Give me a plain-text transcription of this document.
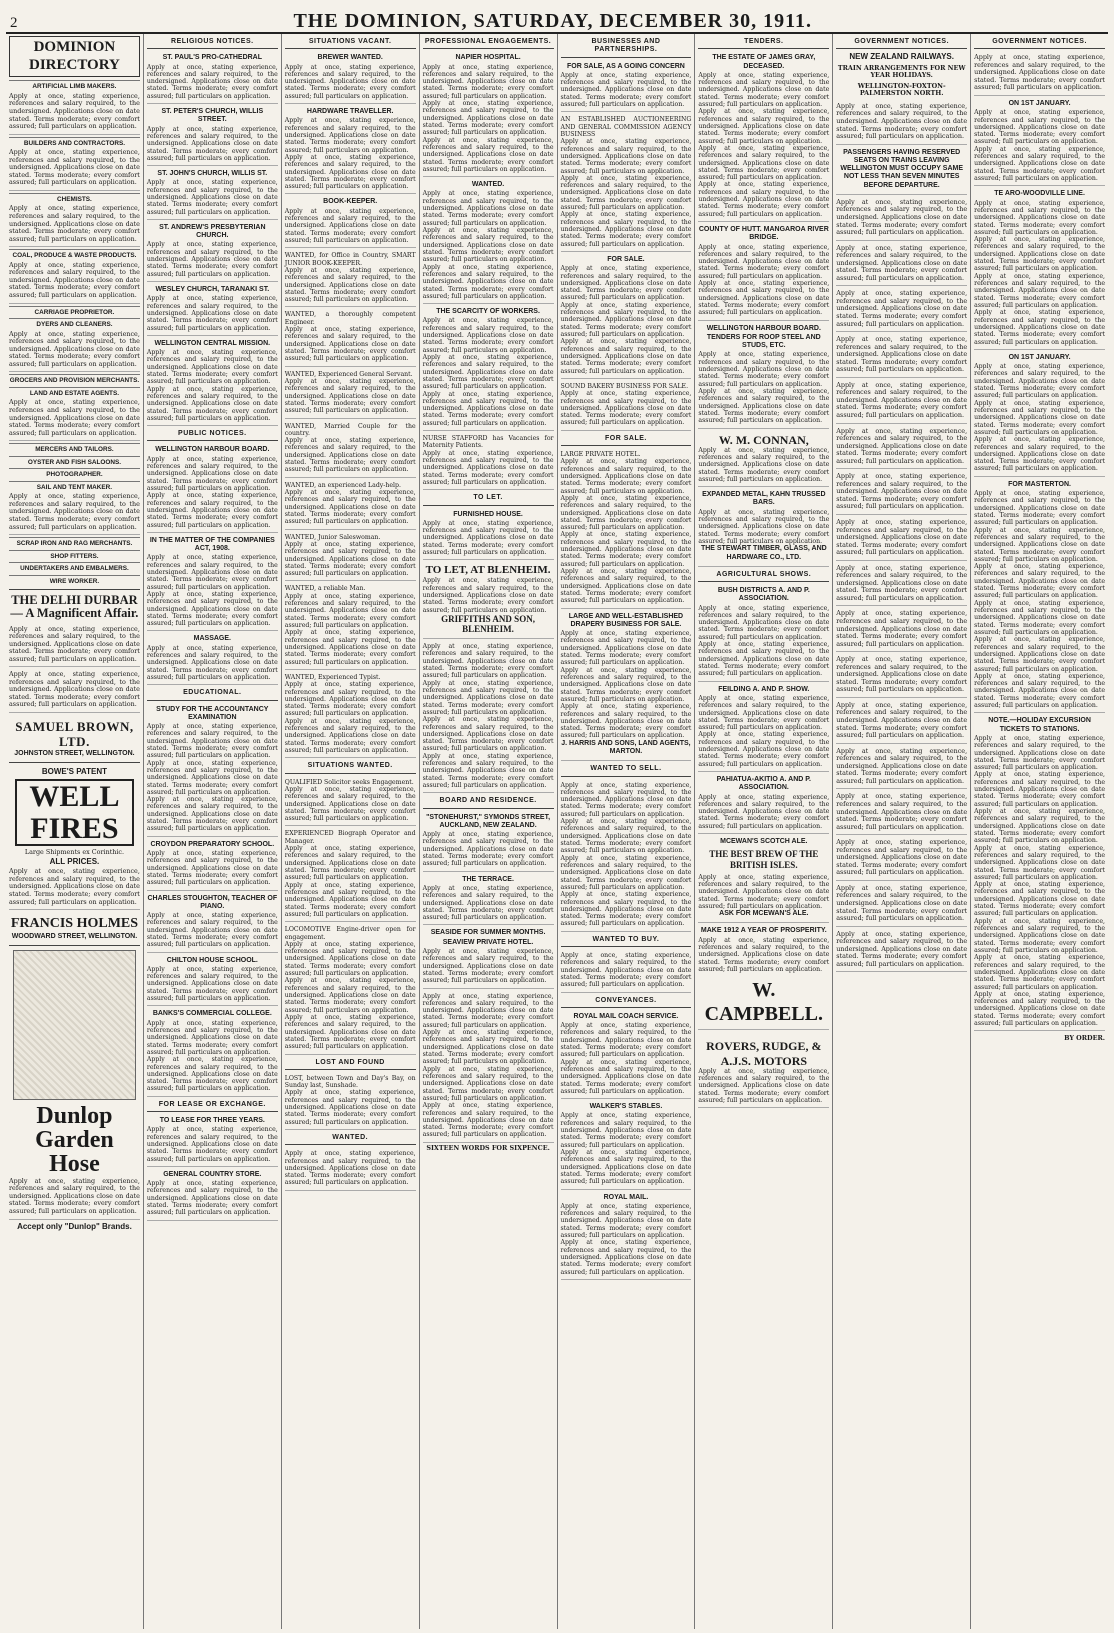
2	THE DOMINION, SATURDAY, DECEMBER 30, 1911.
DOMINION DIRECTORY
ARTIFICIAL LIMB MAKERS.
Apply at once, stating experience, references and salary required, to the undersigned. Applications close on date stated. Terms moderate; every comfort assured; full particulars on application.
BUILDERS AND CONTRACTORS.
Apply at once, stating experience, references and salary required, to the undersigned. Applications close on date stated. Terms moderate; every comfort assured; full particulars on application.
CHEMISTS.
Apply at once, stating experience, references and salary required, to the undersigned. Applications close on date stated. Terms moderate; every comfort assured; full particulars on application.
COAL, PRODUCE & WASTE PRODUCTS.
Apply at once, stating experience, references and salary required, to the undersigned. Applications close on date stated. Terms moderate; every comfort assured; full particulars on application.
CARRIAGE PROPRIETOR.
DYERS AND CLEANERS.
Apply at once, stating experience, references and salary required, to the undersigned. Applications close on date stated. Terms moderate; every comfort assured; full particulars on application.
GROCERS AND PROVISION MERCHANTS.
LAND AND ESTATE AGENTS.
Apply at once, stating experience, references and salary required, to the undersigned. Applications close on date stated. Terms moderate; every comfort assured; full particulars on application.
MERCERS AND TAILORS.
OYSTER AND FISH SALOONS.
PHOTOGRAPHER.
SAIL AND TENT MAKER.
Apply at once, stating experience, references and salary required, to the undersigned. Applications close on date stated. Terms moderate; every comfort assured; full particulars on application.
SCRAP IRON AND RAG MERCHANTS.
SHOP FITTERS.
UNDERTAKERS AND EMBALMERS.
WIRE WORKER.
THE DELHI DURBAR— A Magnificent Affair.
Apply at once, stating experience, references and salary required, to the undersigned. Applications close on date stated. Terms moderate; every comfort assured; full particulars on application.
Apply at once, stating experience, references and salary required, to the undersigned. Applications close on date stated. Terms moderate; every comfort assured; full particulars on application.
SAMUEL BROWN, LTD.
JOHNSTON STREET, WELLINGTON.
BOWE'S PATENT
WELL FIRES
Large Shipments ex Corinthic.
ALL PRICES.
Apply at once, stating experience, references and salary required, to the undersigned. Applications close on date stated. Terms moderate; every comfort assured; full particulars on application.
FRANCIS HOLMES
WOODWARD STREET, WELLINGTON.
Dunlop Garden Hose
Apply at once, stating experience, references and salary required, to the undersigned. Applications close on date stated. Terms moderate; every comfort assured; full particulars on application.
Accept only "Dunlop" Brands.
RELIGIOUS NOTICES.
ST. PAUL'S PRO-CATHEDRAL
Apply at once, stating experience, references and salary required, to the undersigned. Applications close on date stated. Terms moderate; every comfort assured; full particulars on application.
ST. PETER'S CHURCH, WILLIS STREET.
Apply at once, stating experience, references and salary required, to the undersigned. Applications close on date stated. Terms moderate; every comfort assured; full particulars on application.
ST. JOHN'S CHURCH, WILLIS ST.
Apply at once, stating experience, references and salary required, to the undersigned. Applications close on date stated. Terms moderate; every comfort assured; full particulars on application.
ST. ANDREW'S PRESBYTERIAN CHURCH.
Apply at once, stating experience, references and salary required, to the undersigned. Applications close on date stated. Terms moderate; every comfort assured; full particulars on application.
WESLEY CHURCH, TARANAKI ST.
Apply at once, stating experience, references and salary required, to the undersigned. Applications close on date stated. Terms moderate; every comfort assured; full particulars on application.
WELLINGTON CENTRAL MISSION.
Apply at once, stating experience, references and salary required, to the undersigned. Applications close on date stated. Terms moderate; every comfort assured; full particulars on application.
Apply at once, stating experience, references and salary required, to the undersigned. Applications close on date stated. Terms moderate; every comfort assured; full particulars on application.
PUBLIC NOTICES.
WELLINGTON HARBOUR BOARD.
Apply at once, stating experience, references and salary required, to the undersigned. Applications close on date stated. Terms moderate; every comfort assured; full particulars on application.
Apply at once, stating experience, references and salary required, to the undersigned. Applications close on date stated. Terms moderate; every comfort assured; full particulars on application.
IN THE MATTER OF THE COMPANIES ACT, 1908.
Apply at once, stating experience, references and salary required, to the undersigned. Applications close on date stated. Terms moderate; every comfort assured; full particulars on application.
Apply at once, stating experience, references and salary required, to the undersigned. Applications close on date stated. Terms moderate; every comfort assured; full particulars on application.
MASSAGE.
Apply at once, stating experience, references and salary required, to the undersigned. Applications close on date stated. Terms moderate; every comfort assured; full particulars on application.
EDUCATIONAL.
STUDY FOR THE ACCOUNTANCY EXAMINATION
Apply at once, stating experience, references and salary required, to the undersigned. Applications close on date stated. Terms moderate; every comfort assured; full particulars on application.
Apply at once, stating experience, references and salary required, to the undersigned. Applications close on date stated. Terms moderate; every comfort assured; full particulars on application.
Apply at once, stating experience, references and salary required, to the undersigned. Applications close on date stated. Terms moderate; every comfort assured; full particulars on application.
CROYDON PREPARATORY SCHOOL.
Apply at once, stating experience, references and salary required, to the undersigned. Applications close on date stated. Terms moderate; every comfort assured; full particulars on application.
CHARLES STOUGHTON, TEACHER OF PIANO.
Apply at once, stating experience, references and salary required, to the undersigned. Applications close on date stated. Terms moderate; every comfort assured; full particulars on application.
CHILTON HOUSE SCHOOL.
Apply at once, stating experience, references and salary required, to the undersigned. Applications close on date stated. Terms moderate; every comfort assured; full particulars on application.
BANKS'S COMMERCIAL COLLEGE.
Apply at once, stating experience, references and salary required, to the undersigned. Applications close on date stated. Terms moderate; every comfort assured; full particulars on application.
Apply at once, stating experience, references and salary required, to the undersigned. Applications close on date stated. Terms moderate; every comfort assured; full particulars on application.
FOR LEASE OR EXCHANGE.
TO LEASE FOR THREE YEARS.
Apply at once, stating experience, references and salary required, to the undersigned. Applications close on date stated. Terms moderate; every comfort assured; full particulars on application.
GENERAL COUNTRY STORE.
Apply at once, stating experience, references and salary required, to the undersigned. Applications close on date stated. Terms moderate; every comfort assured; full particulars on application.
SITUATIONS VACANT.
BREWER WANTED.
Apply at once, stating experience, references and salary required, to the undersigned. Applications close on date stated. Terms moderate; every comfort assured; full particulars on application.
HARDWARE TRAVELLER.
Apply at once, stating experience, references and salary required, to the undersigned. Applications close on date stated. Terms moderate; every comfort assured; full particulars on application.
Apply at once, stating experience, references and salary required, to the undersigned. Applications close on date stated. Terms moderate; every comfort assured; full particulars on application.
BOOK-KEEPER.
Apply at once, stating experience, references and salary required, to the undersigned. Applications close on date stated. Terms moderate; every comfort assured; full particulars on application.
WANTED, for Office in Country, SMART JUNIOR BOOK-KEEPER.
Apply at once, stating experience, references and salary required, to the undersigned. Applications close on date stated. Terms moderate; every comfort assured; full particulars on application.
WANTED, a thoroughly competent Engineer.
Apply at once, stating experience, references and salary required, to the undersigned. Applications close on date stated. Terms moderate; every comfort assured; full particulars on application.
WANTED, Experienced General Servant.
Apply at once, stating experience, references and salary required, to the undersigned. Applications close on date stated. Terms moderate; every comfort assured; full particulars on application.
WANTED, Married Couple for the country.
Apply at once, stating experience, references and salary required, to the undersigned. Applications close on date stated. Terms moderate; every comfort assured; full particulars on application.
WANTED, an experienced Lady-help.
Apply at once, stating experience, references and salary required, to the undersigned. Applications close on date stated. Terms moderate; every comfort assured; full particulars on application.
WANTED, Junior Saleswoman.
Apply at once, stating experience, references and salary required, to the undersigned. Applications close on date stated. Terms moderate; every comfort assured; full particulars on application.
WANTED, a reliable Man.
Apply at once, stating experience, references and salary required, to the undersigned. Applications close on date stated. Terms moderate; every comfort assured; full particulars on application.
Apply at once, stating experience, references and salary required, to the undersigned. Applications close on date stated. Terms moderate; every comfort assured; full particulars on application.
WANTED, Experienced Typist.
Apply at once, stating experience, references and salary required, to the undersigned. Applications close on date stated. Terms moderate; every comfort assured; full particulars on application.
Apply at once, stating experience, references and salary required, to the undersigned. Applications close on date stated. Terms moderate; every comfort assured; full particulars on application.
SITUATIONS WANTED.
QUALIFIED Solicitor seeks Engagement.
Apply at once, stating experience, references and salary required, to the undersigned. Applications close on date stated. Terms moderate; every comfort assured; full particulars on application.
EXPERIENCED Biograph Operator and Manager.
Apply at once, stating experience, references and salary required, to the undersigned. Applications close on date stated. Terms moderate; every comfort assured; full particulars on application.
Apply at once, stating experience, references and salary required, to the undersigned. Applications close on date stated. Terms moderate; every comfort assured; full particulars on application.
LOCOMOTIVE Engine-driver open for engagement.
Apply at once, stating experience, references and salary required, to the undersigned. Applications close on date stated. Terms moderate; every comfort assured; full particulars on application.
Apply at once, stating experience, references and salary required, to the undersigned. Applications close on date stated. Terms moderate; every comfort assured; full particulars on application.
Apply at once, stating experience, references and salary required, to the undersigned. Applications close on date stated. Terms moderate; every comfort assured; full particulars on application.
LOST AND FOUND
LOST, between Town and Day's Bay, on Sunday last, Sunshade.
Apply at once, stating experience, references and salary required, to the undersigned. Applications close on date stated. Terms moderate; every comfort assured; full particulars on application.
WANTED.
Apply at once, stating experience, references and salary required, to the undersigned. Applications close on date stated. Terms moderate; every comfort assured; full particulars on application.
PROFESSIONAL ENGAGEMENTS.
NAPIER HOSPITAL.
Apply at once, stating experience, references and salary required, to the undersigned. Applications close on date stated. Terms moderate; every comfort assured; full particulars on application.
Apply at once, stating experience, references and salary required, to the undersigned. Applications close on date stated. Terms moderate; every comfort assured; full particulars on application.
Apply at once, stating experience, references and salary required, to the undersigned. Applications close on date stated. Terms moderate; every comfort assured; full particulars on application.
WANTED.
Apply at once, stating experience, references and salary required, to the undersigned. Applications close on date stated. Terms moderate; every comfort assured; full particulars on application.
Apply at once, stating experience, references and salary required, to the undersigned. Applications close on date stated. Terms moderate; every comfort assured; full particulars on application.
Apply at once, stating experience, references and salary required, to the undersigned. Applications close on date stated. Terms moderate; every comfort assured; full particulars on application.
THE SCARCITY OF WORKERS.
Apply at once, stating experience, references and salary required, to the undersigned. Applications close on date stated. Terms moderate; every comfort assured; full particulars on application.
Apply at once, stating experience, references and salary required, to the undersigned. Applications close on date stated. Terms moderate; every comfort assured; full particulars on application.
Apply at once, stating experience, references and salary required, to the undersigned. Applications close on date stated. Terms moderate; every comfort assured; full particulars on application.
NURSE STAFFORD has Vacancies for Maternity Patients.
Apply at once, stating experience, references and salary required, to the undersigned. Applications close on date stated. Terms moderate; every comfort assured; full particulars on application.
TO LET.
FURNISHED HOUSE.
Apply at once, stating experience, references and salary required, to the undersigned. Applications close on date stated. Terms moderate; every comfort assured; full particulars on application.
TO LET, AT BLENHEIM.
Apply at once, stating experience, references and salary required, to the undersigned. Applications close on date stated. Terms moderate; every comfort assured; full particulars on application.
GRIFFITHS AND SON, BLENHEIM.
Apply at once, stating experience, references and salary required, to the undersigned. Applications close on date stated. Terms moderate; every comfort assured; full particulars on application.
Apply at once, stating experience, references and salary required, to the undersigned. Applications close on date stated. Terms moderate; every comfort assured; full particulars on application.
Apply at once, stating experience, references and salary required, to the undersigned. Applications close on date stated. Terms moderate; every comfort assured; full particulars on application.
Apply at once, stating experience, references and salary required, to the undersigned. Applications close on date stated. Terms moderate; every comfort assured; full particulars on application.
BOARD AND RESIDENCE.
"STONEHURST," SYMONDS STREET, AUCKLAND, NEW ZEALAND.
Apply at once, stating experience, references and salary required, to the undersigned. Applications close on date stated. Terms moderate; every comfort assured; full particulars on application.
THE TERRACE.
Apply at once, stating experience, references and salary required, to the undersigned. Applications close on date stated. Terms moderate; every comfort assured; full particulars on application.
SEASIDE FOR SUMMER MONTHS.
SEAVIEW PRIVATE HOTEL.
Apply at once, stating experience, references and salary required, to the undersigned. Applications close on date stated. Terms moderate; every comfort assured; full particulars on application.
Apply at once, stating experience, references and salary required, to the undersigned. Applications close on date stated. Terms moderate; every comfort assured; full particulars on application.
Apply at once, stating experience, references and salary required, to the undersigned. Applications close on date stated. Terms moderate; every comfort assured; full particulars on application.
Apply at once, stating experience, references and salary required, to the undersigned. Applications close on date stated. Terms moderate; every comfort assured; full particulars on application.
Apply at once, stating experience, references and salary required, to the undersigned. Applications close on date stated. Terms moderate; every comfort assured; full particulars on application.
SIXTEEN WORDS FOR SIXPENCE.
BUSINESSES AND PARTNERSHIPS.
FOR SALE, AS A GOING CONCERN
Apply at once, stating experience, references and salary required, to the undersigned. Applications close on date stated. Terms moderate; every comfort assured; full particulars on application.
AN ESTABLISHED AUCTIONEERING AND GENERAL COMMISSION AGENCY BUSINESS
Apply at once, stating experience, references and salary required, to the undersigned. Applications close on date stated. Terms moderate; every comfort assured; full particulars on application.
Apply at once, stating experience, references and salary required, to the undersigned. Applications close on date stated. Terms moderate; every comfort assured; full particulars on application.
Apply at once, stating experience, references and salary required, to the undersigned. Applications close on date stated. Terms moderate; every comfort assured; full particulars on application.
FOR SALE.
Apply at once, stating experience, references and salary required, to the undersigned. Applications close on date stated. Terms moderate; every comfort assured; full particulars on application.
Apply at once, stating experience, references and salary required, to the undersigned. Applications close on date stated. Terms moderate; every comfort assured; full particulars on application.
Apply at once, stating experience, references and salary required, to the undersigned. Applications close on date stated. Terms moderate; every comfort assured; full particulars on application.
SOUND BAKERY BUSINESS FOR SALE.
Apply at once, stating experience, references and salary required, to the undersigned. Applications close on date stated. Terms moderate; every comfort assured; full particulars on application.
FOR SALE.
LARGE PRIVATE HOTEL.
Apply at once, stating experience, references and salary required, to the undersigned. Applications close on date stated. Terms moderate; every comfort assured; full particulars on application.
Apply at once, stating experience, references and salary required, to the undersigned. Applications close on date stated. Terms moderate; every comfort assured; full particulars on application.
Apply at once, stating experience, references and salary required, to the undersigned. Applications close on date stated. Terms moderate; every comfort assured; full particulars on application.
Apply at once, stating experience, references and salary required, to the undersigned. Applications close on date stated. Terms moderate; every comfort assured; full particulars on application.
LARGE AND WELL-ESTABLISHED DRAPERY BUSINESS FOR SALE.
Apply at once, stating experience, references and salary required, to the undersigned. Applications close on date stated. Terms moderate; every comfort assured; full particulars on application.
Apply at once, stating experience, references and salary required, to the undersigned. Applications close on date stated. Terms moderate; every comfort assured; full particulars on application.
Apply at once, stating experience, references and salary required, to the undersigned. Applications close on date stated. Terms moderate; every comfort assured; full particulars on application.
J. HARRIS AND SONS, LAND AGENTS, MARTON.
WANTED TO SELL.
Apply at once, stating experience, references and salary required, to the undersigned. Applications close on date stated. Terms moderate; every comfort assured; full particulars on application.
Apply at once, stating experience, references and salary required, to the undersigned. Applications close on date stated. Terms moderate; every comfort assured; full particulars on application.
Apply at once, stating experience, references and salary required, to the undersigned. Applications close on date stated. Terms moderate; every comfort assured; full particulars on application.
Apply at once, stating experience, references and salary required, to the undersigned. Applications close on date stated. Terms moderate; every comfort assured; full particulars on application.
WANTED TO BUY.
Apply at once, stating experience, references and salary required, to the undersigned. Applications close on date stated. Terms moderate; every comfort assured; full particulars on application.
CONVEYANCES.
ROYAL MAIL COACH SERVICE.
Apply at once, stating experience, references and salary required, to the undersigned. Applications close on date stated. Terms moderate; every comfort assured; full particulars on application.
Apply at once, stating experience, references and salary required, to the undersigned. Applications close on date stated. Terms moderate; every comfort assured; full particulars on application.
WALKER'S STABLES.
Apply at once, stating experience, references and salary required, to the undersigned. Applications close on date stated. Terms moderate; every comfort assured; full particulars on application.
Apply at once, stating experience, references and salary required, to the undersigned. Applications close on date stated. Terms moderate; every comfort assured; full particulars on application.
ROYAL MAIL.
Apply at once, stating experience, references and salary required, to the undersigned. Applications close on date stated. Terms moderate; every comfort assured; full particulars on application.
Apply at once, stating experience, references and salary required, to the undersigned. Applications close on date stated. Terms moderate; every comfort assured; full particulars on application.
TENDERS.
THE ESTATE OF JAMES GRAY, DECEASED.
Apply at once, stating experience, references and salary required, to the undersigned. Applications close on date stated. Terms moderate; every comfort assured; full particulars on application.
Apply at once, stating experience, references and salary required, to the undersigned. Applications close on date stated. Terms moderate; every comfort assured; full particulars on application.
Apply at once, stating experience, references and salary required, to the undersigned. Applications close on date stated. Terms moderate; every comfort assured; full particulars on application.
Apply at once, stating experience, references and salary required, to the undersigned. Applications close on date stated. Terms moderate; every comfort assured; full particulars on application.
COUNTY OF HUTT. MANGAROA RIVER BRIDGE.
Apply at once, stating experience, references and salary required, to the undersigned. Applications close on date stated. Terms moderate; every comfort assured; full particulars on application.
Apply at once, stating experience, references and salary required, to the undersigned. Applications close on date stated. Terms moderate; every comfort assured; full particulars on application.
WELLINGTON HARBOUR BOARD.
TENDERS FOR ROOP STEEL AND STUDS, ETC.
Apply at once, stating experience, references and salary required, to the undersigned. Applications close on date stated. Terms moderate; every comfort assured; full particulars on application.
Apply at once, stating experience, references and salary required, to the undersigned. Applications close on date stated. Terms moderate; every comfort assured; full particulars on application.
W. M. CONNAN,
Apply at once, stating experience, references and salary required, to the undersigned. Applications close on date stated. Terms moderate; every comfort assured; full particulars on application.
EXPANDED METAL, KAHN TRUSSED BARS.
Apply at once, stating experience, references and salary required, to the undersigned. Applications close on date stated. Terms moderate; every comfort assured; full particulars on application.
THE STEWART TIMBER, GLASS, AND HARDWARE CO., LTD.
AGRICULTURAL SHOWS.
BUSH DISTRICTS A. AND P. ASSOCIATION.
Apply at once, stating experience, references and salary required, to the undersigned. Applications close on date stated. Terms moderate; every comfort assured; full particulars on application.
Apply at once, stating experience, references and salary required, to the undersigned. Applications close on date stated. Terms moderate; every comfort assured; full particulars on application.
FEILDING A. AND P. SHOW.
Apply at once, stating experience, references and salary required, to the undersigned. Applications close on date stated. Terms moderate; every comfort assured; full particulars on application.
Apply at once, stating experience, references and salary required, to the undersigned. Applications close on date stated. Terms moderate; every comfort assured; full particulars on application.
PAHIATUA-AKITIO A. AND P. ASSOCIATION.
Apply at once, stating experience, references and salary required, to the undersigned. Applications close on date stated. Terms moderate; every comfort assured; full particulars on application.
MCEWAN'S SCOTCH ALE.
THE BEST BREW OF THE BRITISH ISLES.
Apply at once, stating experience, references and salary required, to the undersigned. Applications close on date stated. Terms moderate; every comfort assured; full particulars on application.
ASK FOR MCEWAN'S ALE.
MAKE 1912 A YEAR OF PROSPERITY.
Apply at once, stating experience, references and salary required, to the undersigned. Applications close on date stated. Terms moderate; every comfort assured; full particulars on application.
W. CAMPBELL.
ROVERS, RUDGE, & A.J.S. MOTORS
Apply at once, stating experience, references and salary required, to the undersigned. Applications close on date stated. Terms moderate; every comfort assured; full particulars on application.
GOVERNMENT NOTICES.
NEW ZEALAND RAILWAYS.
TRAIN ARRANGEMENTS FOR NEW YEAR HOLIDAYS.
WELLINGTON-FOXTON-PALMERSTON NORTH.
Apply at once, stating experience, references and salary required, to the undersigned. Applications close on date stated. Terms moderate; every comfort assured; full particulars on application.
PASSENGERS HAVING RESERVED SEATS ON TRAINS LEAVING WELLINGTON MUST OCCUPY SAME NOT LESS THAN SEVEN MINUTES BEFORE DEPARTURE.
Apply at once, stating experience, references and salary required, to the undersigned. Applications close on date stated. Terms moderate; every comfort assured; full particulars on application.
Apply at once, stating experience, references and salary required, to the undersigned. Applications close on date stated. Terms moderate; every comfort assured; full particulars on application.
Apply at once, stating experience, references and salary required, to the undersigned. Applications close on date stated. Terms moderate; every comfort assured; full particulars on application.
Apply at once, stating experience, references and salary required, to the undersigned. Applications close on date stated. Terms moderate; every comfort assured; full particulars on application.
Apply at once, stating experience, references and salary required, to the undersigned. Applications close on date stated. Terms moderate; every comfort assured; full particulars on application.
Apply at once, stating experience, references and salary required, to the undersigned. Applications close on date stated. Terms moderate; every comfort assured; full particulars on application.
Apply at once, stating experience, references and salary required, to the undersigned. Applications close on date stated. Terms moderate; every comfort assured; full particulars on application.
Apply at once, stating experience, references and salary required, to the undersigned. Applications close on date stated. Terms moderate; every comfort assured; full particulars on application.
Apply at once, stating experience, references and salary required, to the undersigned. Applications close on date stated. Terms moderate; every comfort assured; full particulars on application.
Apply at once, stating experience, references and salary required, to the undersigned. Applications close on date stated. Terms moderate; every comfort assured; full particulars on application.
Apply at once, stating experience, references and salary required, to the undersigned. Applications close on date stated. Terms moderate; every comfort assured; full particulars on application.
Apply at once, stating experience, references and salary required, to the undersigned. Applications close on date stated. Terms moderate; every comfort assured; full particulars on application.
Apply at once, stating experience, references and salary required, to the undersigned. Applications close on date stated. Terms moderate; every comfort assured; full particulars on application.
Apply at once, stating experience, references and salary required, to the undersigned. Applications close on date stated. Terms moderate; every comfort assured; full particulars on application.
Apply at once, stating experience, references and salary required, to the undersigned. Applications close on date stated. Terms moderate; every comfort assured; full particulars on application.
Apply at once, stating experience, references and salary required, to the undersigned. Applications close on date stated. Terms moderate; every comfort assured; full particulars on application.
Apply at once, stating experience, references and salary required, to the undersigned. Applications close on date stated. Terms moderate; every comfort assured; full particulars on application.
GOVERNMENT NOTICES.
Apply at once, stating experience, references and salary required, to the undersigned. Applications close on date stated. Terms moderate; every comfort assured; full particulars on application.
ON 1ST JANUARY.
Apply at once, stating experience, references and salary required, to the undersigned. Applications close on date stated. Terms moderate; every comfort assured; full particulars on application.
Apply at once, stating experience, references and salary required, to the undersigned. Applications close on date stated. Terms moderate; every comfort assured; full particulars on application.
TE ARO-WOODVILLE LINE.
Apply at once, stating experience, references and salary required, to the undersigned. Applications close on date stated. Terms moderate; every comfort assured; full particulars on application.
Apply at once, stating experience, references and salary required, to the undersigned. Applications close on date stated. Terms moderate; every comfort assured; full particulars on application.
Apply at once, stating experience, references and salary required, to the undersigned. Applications close on date stated. Terms moderate; every comfort assured; full particulars on application.
Apply at once, stating experience, references and salary required, to the undersigned. Applications close on date stated. Terms moderate; every comfort assured; full particulars on application.
ON 1ST JANUARY.
Apply at once, stating experience, references and salary required, to the undersigned. Applications close on date stated. Terms moderate; every comfort assured; full particulars on application.
Apply at once, stating experience, references and salary required, to the undersigned. Applications close on date stated. Terms moderate; every comfort assured; full particulars on application.
Apply at once, stating experience, references and salary required, to the undersigned. Applications close on date stated. Terms moderate; every comfort assured; full particulars on application.
FOR MASTERTON.
Apply at once, stating experience, references and salary required, to the undersigned. Applications close on date stated. Terms moderate; every comfort assured; full particulars on application.
Apply at once, stating experience, references and salary required, to the undersigned. Applications close on date stated. Terms moderate; every comfort assured; full particulars on application.
Apply at once, stating experience, references and salary required, to the undersigned. Applications close on date stated. Terms moderate; every comfort assured; full particulars on application.
Apply at once, stating experience, references and salary required, to the undersigned. Applications close on date stated. Terms moderate; every comfort assured; full particulars on application.
Apply at once, stating experience, references and salary required, to the undersigned. Applications close on date stated. Terms moderate; every comfort assured; full particulars on application.
Apply at once, stating experience, references and salary required, to the undersigned. Applications close on date stated. Terms moderate; every comfort assured; full particulars on application.
NOTE.—HOLIDAY EXCURSION TICKETS TO STATIONS.
Apply at once, stating experience, references and salary required, to the undersigned. Applications close on date stated. Terms moderate; every comfort assured; full particulars on application.
Apply at once, stating experience, references and salary required, to the undersigned. Applications close on date stated. Terms moderate; every comfort assured; full particulars on application.
Apply at once, stating experience, references and salary required, to the undersigned. Applications close on date stated. Terms moderate; every comfort assured; full particulars on application.
Apply at once, stating experience, references and salary required, to the undersigned. Applications close on date stated. Terms moderate; every comfort assured; full particulars on application.
Apply at once, stating experience, references and salary required, to the undersigned. Applications close on date stated. Terms moderate; every comfort assured; full particulars on application.
Apply at once, stating experience, references and salary required, to the undersigned. Applications close on date stated. Terms moderate; every comfort assured; full particulars on application.
Apply at once, stating experience, references and salary required, to the undersigned. Applications close on date stated. Terms moderate; every comfort assured; full particulars on application.
Apply at once, stating experience, references and salary required, to the undersigned. Applications close on date stated. Terms moderate; every comfort assured; full particulars on application.
BY ORDER.
